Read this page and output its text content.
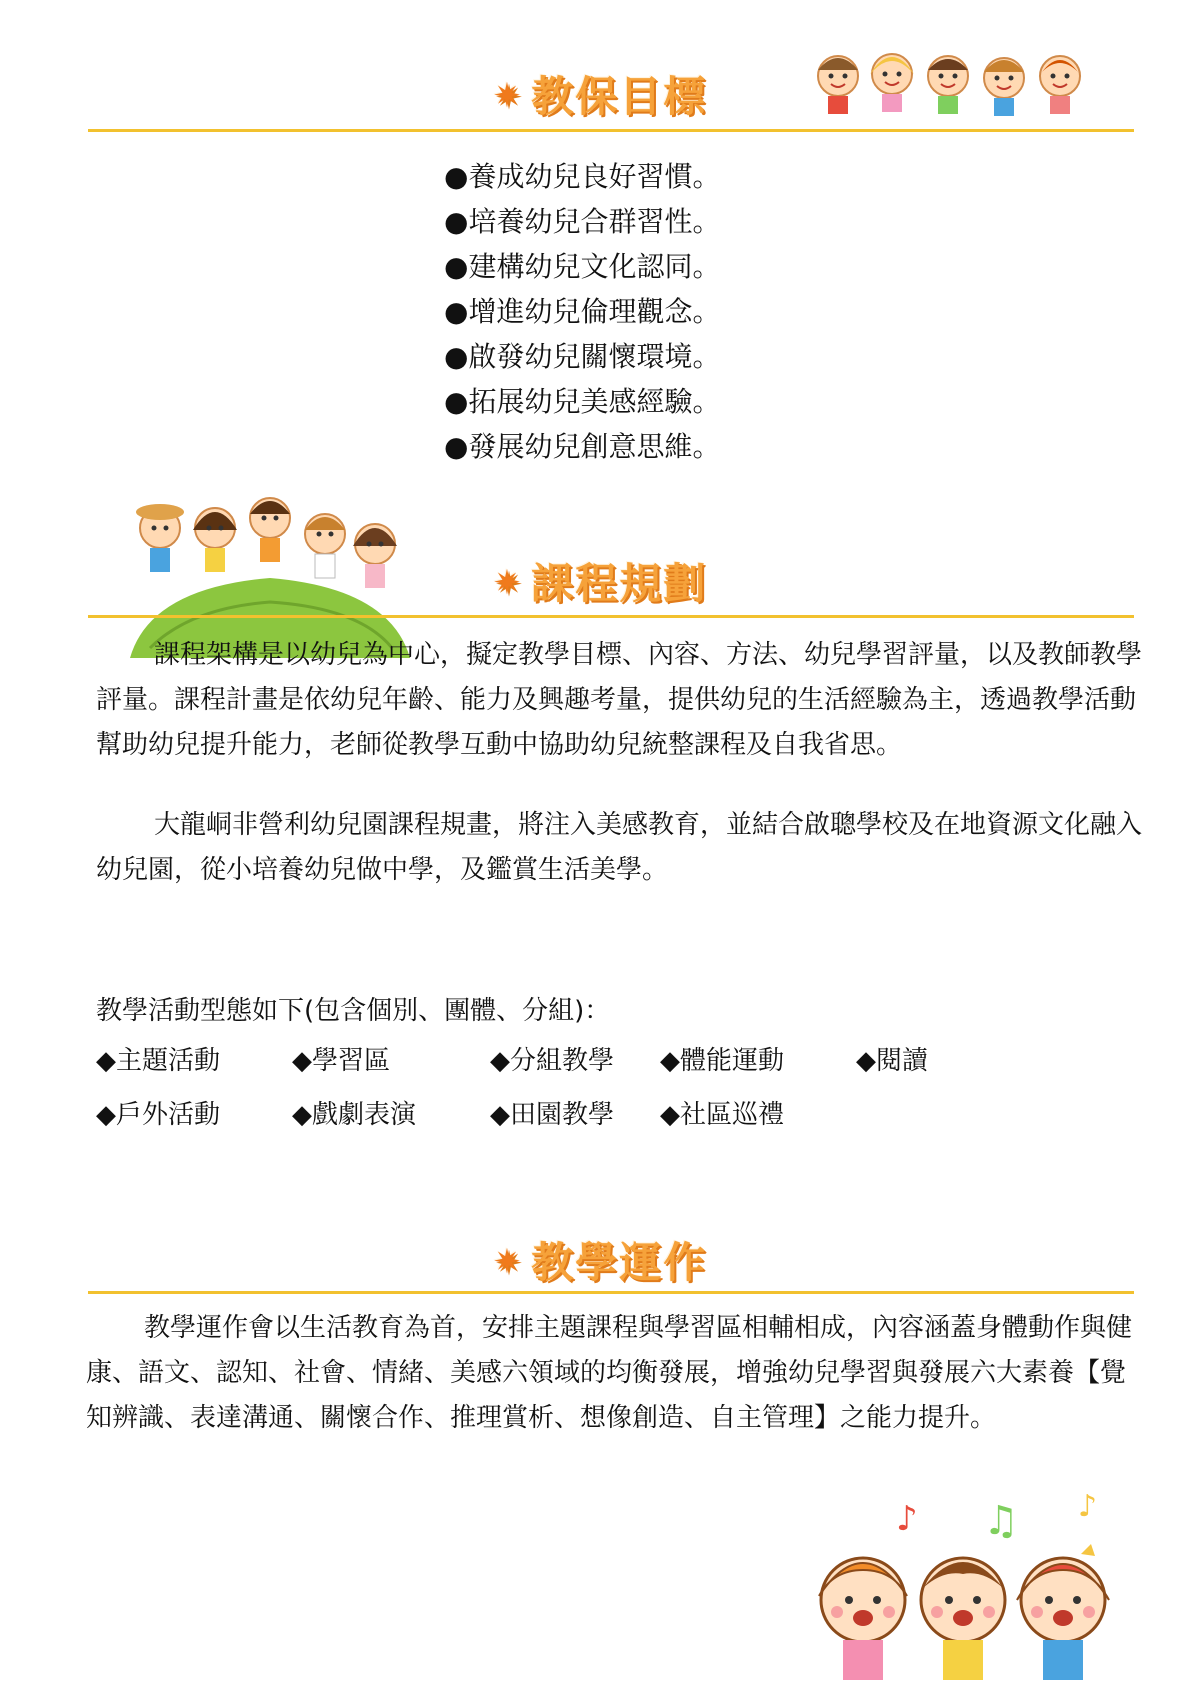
✷ 教保目標
● 養成幼兒良好習慣。
● 培養幼兒合群習性。
● 建構幼兒文化認同。
● 增進幼兒倫理觀念。
● 啟發幼兒關懷環境。
● 拓展幼兒美感經驗。
● 發展幼兒創意思維。
✷ 課程規劃

課程架構是以幼兒為中心，擬定教學目標、內容、方法、幼兒學習評量，以及教師教學評量。課程計畫是依幼兒年齡、能力及興趣考量，提供幼兒的生活經驗為主，透過教學活動幫助幼兒提升能力，老師從教學互動中協助幼兒統整課程及自我省思。

大龍峒非營利幼兒園課程規畫，將注入美感教育，並結合啟聰學校及在地資源文化融入幼兒園，從小培養幼兒做中學，及鑑賞生活美學。

教學活動型態如下(包含個別、團體、分組)：
◆ 主題活動	◆ 學習區	◆ 分組教學	◆ 體能運動	◆ 閱讀
◆ 戶外活動	◆ 戲劇表演	◆ 田園教學	◆ 社區巡禮
✷ 教學運作

教學運作會以生活教育為首，安排主題課程與學習區相輔相成，內容涵蓋身體動作與健康、語文、認知、社會、情緒、美感六領域的均衡發展，增強幼兒學習與發展六大素養【覺知辨識、表達溝通、關懷合作、推理賞析、想像創造、自主管理】之能力提升。

♪ ♫ ♪
